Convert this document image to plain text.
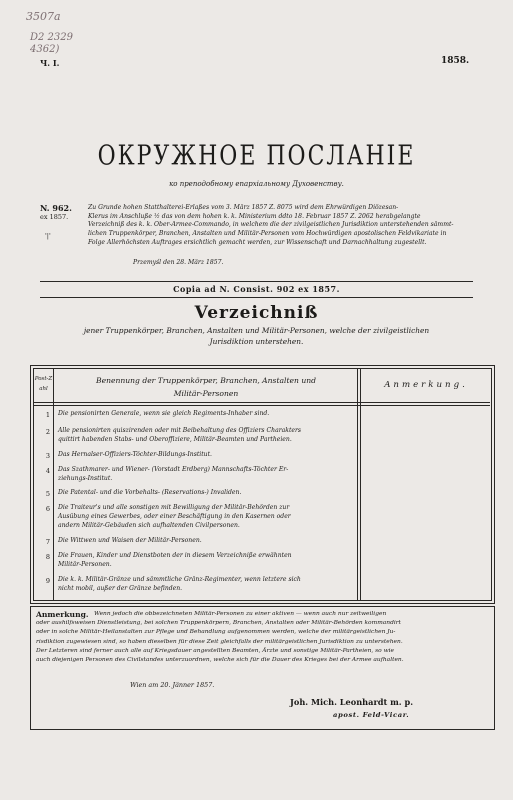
3507a
D2 2329
4362)
Ч. I.	1858.
ОКРУЖНОЕ ПОСЛАНІЕ
ко преподобному епархіальному Духовенству.
N. 962.
ex 1857.
'|'
Zu Grunde hohen Statthalterei-Erlaßes vom 3. März 1857 Z. 8075 wird dem Ehrwürdigen Diözesan-
Klerus im Anschluße ½ das von dem hohen k. k. Ministerium ddto 18. Februar 1857 Z. 2062 herabgelangte
Verzeichniß des k. k. Ober-Armee-Commando, in welchem die der zivilgeistlichen Jurisdiktion unterstehenden sämmt-
lichen Truppenkörper, Branchen, Anstalten und Militär-Personen vom Hochwürdigen apostolischen Feldvikariate in
Folge Allerhöchsten Auftrages ersichtlich gemacht werden, zur Wissenschaft und Darnachhaltung zugestellt.
Przemyśl den 28. März 1857.
Copia ad N. Consist. 902 ex 1857.
Verzeichniß
jener Truppenkörper, Branchen, Anstalten und Militär-Personen, welche der zivilgeistlichen
Jurisdiktion unterstehen.
Post-Zahl
Benennung der Truppenkörper, Branchen, Anstalten und
Militär-Personen
Anmerkung.
1 Die pensionirten Generale, wenn sie gleich Regiments-Inhaber sind.
2 Alle pensionirten quiszirenden oder mit Beibehaltung des Offiziers Charakters
quittirt habenden Stabs- und Oberoffiziere, Militär-Beamten und Partheien.
3 Das Hernalser-Offiziers-Töchter-Bildungs-Institut.
4 Das Szathmarer- und Wiener- (Vorstadt Erdberg) Mannschafts-Töchter Er-
ziehungs-Institut.
5 Die Patental- und die Vorbehalts- (Reservations-) Invaliden.
6 Die Traiteur's und alle sonstigen mit Bewilligung der Militär-Behörden zur
Ausübung eines Gewerbes, oder einer Beschäftigung in den Kasernen oder
andern Militär-Gebäuden sich aufhaltenden Civilpersonen.
7 Die Wittwen und Waisen der Militär-Personen.
8 Die Frauen, Kinder und Dienstboten der in diesem Verzeichniße erwähnten
Militär-Personen.
9 Die k. k. Militär-Gränze und sämmtliche Gränz-Regimenter, wenn letztere sich
nicht mobil, außer der Gränze befinden.
Anmerkung. Wenn jedoch die obbezeichneten Militär-Personen zu einer aktiven — wenn auch nur zeitweiligen
oder aushilfsweisen Dienstleistung, bei solchen Truppenkörpern, Branchen, Anstalten oder Militär-Behörden kommandirt
oder in solche Militär-Heilanstalten zur Pflege und Behandlung aufgenommen werden, welche der militärgeistlichen Ju-
risdiktion zugewiesen sind, so haben dieselben für diese Zeit gleichfalls der militärgeistlichen Jurisdiktion zu unterstehen.
Der Letzteren sind ferner auch alle auf Kriegsdauer angestellten Beamten, Ärzte und sonstige Militär-Partheien, so wie
auch diejenigen Personen des Civilstandes unterzuordnen, welche sich für die Dauer des Krieges bei der Armee aufhalten.
Wien am 20. Jänner 1857.
Joh. Mich. Leonhardt m. p.
apost. Feld-Vicar.
